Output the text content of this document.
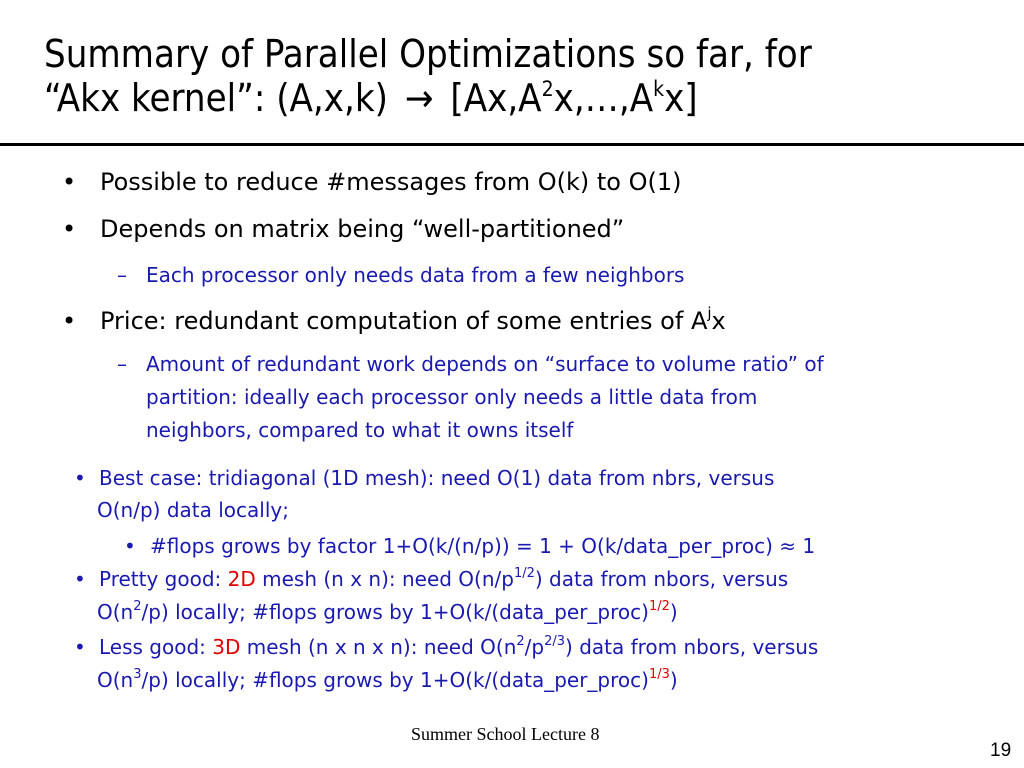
Summary of Parallel Optimizations so far, for
“Akx kernel”: $(A,x,k) \to [Ax,A^2x,\dots,A^kx]$
• Possible to reduce #messages from O(k) to O(1)
• Depends on matrix being “well-partitioned”
– Each processor only needs data from a few neighbors
• Price: redundant computation of some entries of $A^jx$
– Amount of redundant work depends on “surface to volume ratio” of
partition: ideally each processor only needs a little data from
neighbors, compared to what it owns itself
• Best case: tridiagonal (1D mesh): need O(1) data from nbrs, versus
O(n/p) data locally;
• #flops grows by factor 1+O(k/(n/p)) = 1 + O(k/data_per_proc) ≈ 1
• Pretty good: 2D mesh (n x n): need $O(n/p^{1/2})$ data from nbors, versus
$O(n^2/p)$ locally; #flops grows by 1+O(k/(data_per_proc)$^{1/2}$)
• Less good: 3D mesh (n x n x n): need $O(n^2/p^{2/3})$ data from nbors, versus
$O(n^3/p)$ locally; #flops grows by 1+O(k/(data_per_proc)$^{1/3}$)
Summer School Lecture 8
19
